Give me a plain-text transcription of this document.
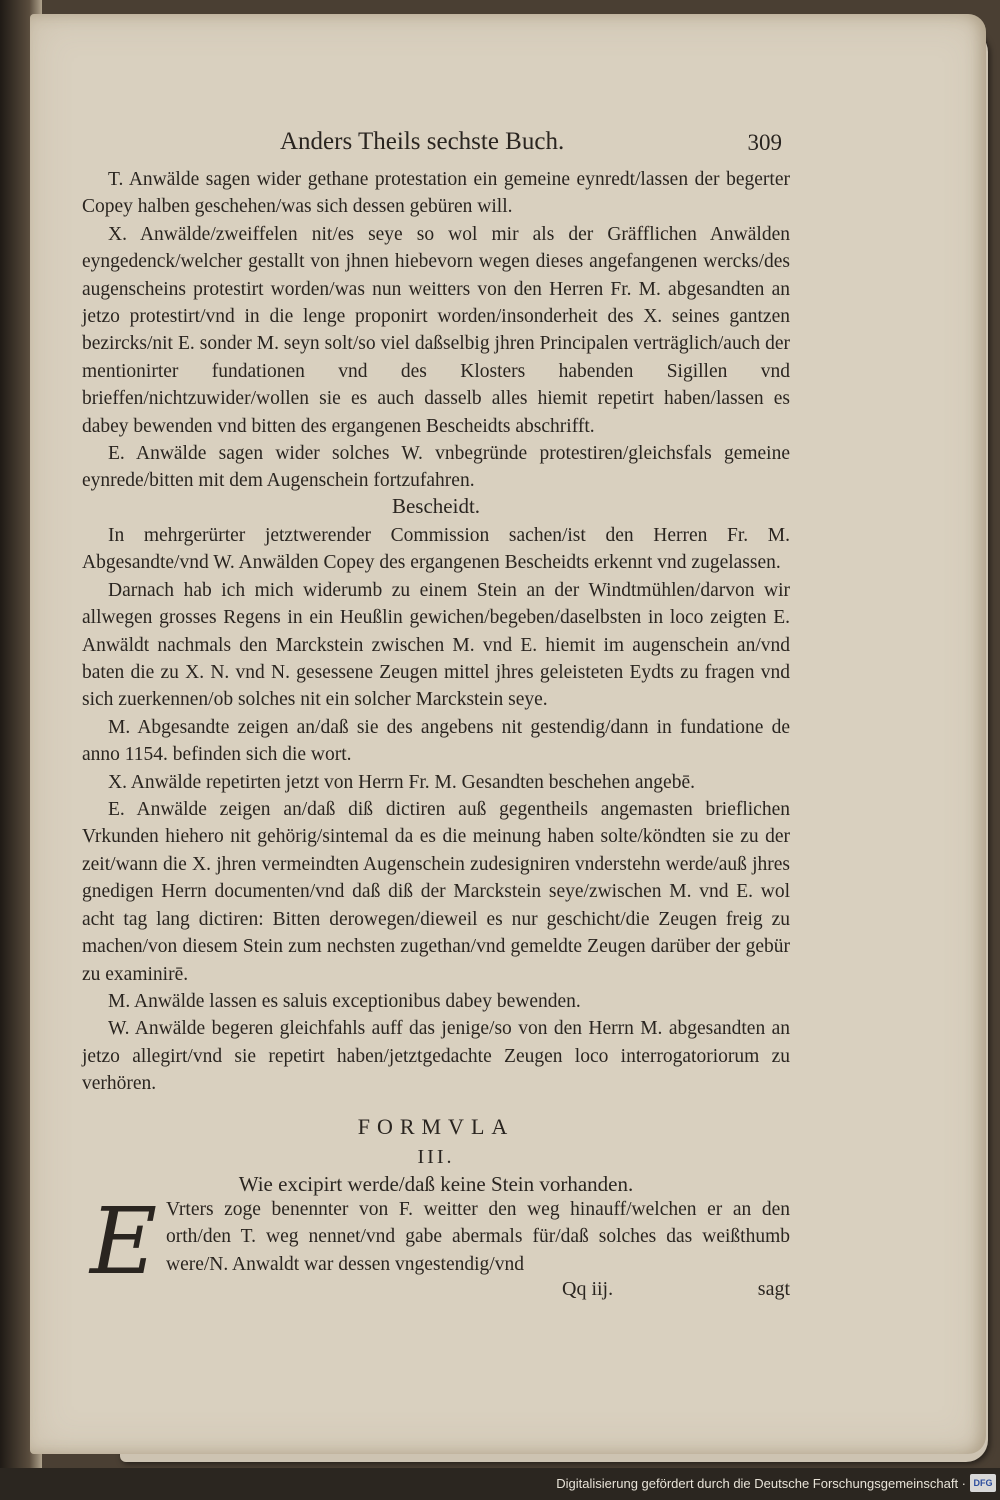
Anders Theils sechste Buch.	309

T. Anwälde sagen wider gethane protestation ein gemeine eynredt/lassen der begerter Copey halben geschehen/was sich dessen gebüren will.

X. Anwälde/zweiffelen nit/es seye so wol mir als der Gräfflichen Anwälden eyngedenck/welcher gestallt von jhnen hiebevorn wegen dieses angefangenen wercks/des augenscheins protestirt worden/was nun weitters von den Herren Fr. M. abgesandten an jetzo protestirt/vnd in die lenge proponirt worden/insonderheit des X. seines gantzen bezircks/nit E. sonder M. seyn solt/so viel daßselbig jhren Principalen verträglich/auch der mentionirter fundationen vnd des Klosters habenden Sigillen vnd brieffen/nichtzuwider/wollen sie es auch dasselb alles hiemit repetirt haben/lassen es dabey bewenden vnd bitten des ergangenen Bescheidts abschrifft.

E. Anwälde sagen wider solches W. vnbegründe protestiren/gleichsfals gemeine eynrede/bitten mit dem Augenschein fortzufahren.

Bescheidt.

In mehrgerürter jetztwerender Commission sachen/ist den Herren Fr. M. Abgesandte/vnd W. Anwälden Copey des ergangenen Bescheidts erkennt vnd zugelassen.

Darnach hab ich mich widerumb zu einem Stein an der Windtmühlen/darvon wir allwegen grosses Regens in ein Heußlin gewichen/begeben/daselbsten in loco zeigten E. Anwäldt nachmals den Marckstein zwischen M. vnd E. hiemit im augenschein an/vnd baten die zu X. N. vnd N. gesessene Zeugen mittel jhres geleisteten Eydts zu fragen vnd sich zuerkennen/ob solches nit ein solcher Marckstein seye.

M. Abgesandte zeigen an/daß sie des angebens nit gestendig/dann in fundatione de anno 1154. befinden sich die wort.

X. Anwälde repetirten jetzt von Herrn Fr. M. Gesandten beschehen angebē.

E. Anwälde zeigen an/daß diß dictiren auß gegentheils angemasten brieflichen Vrkunden hiehero nit gehörig/sintemal da es die meinung haben solte/köndten sie zu der zeit/wann die X. jhren vermeindten Augenschein zudesigniren vnderstehn werde/auß jhres gnedigen Herrn documenten/vnd daß diß der Marckstein seye/zwischen M. vnd E. wol acht tag lang dictiren: Bitten derowegen/dieweil es nur geschicht/die Zeugen freig zu machen/von diesem Stein zum nechsten zugethan/vnd gemeldte Zeugen darüber der gebür zu examinirē.

M. Anwälde lassen es saluis exceptionibus dabey bewenden.

W. Anwälde begeren gleichfahls auff das jenige/so von den Herrn M. abgesandten an jetzo allegirt/vnd sie repetirt haben/jetztgedachte Zeugen loco interrogatoriorum zu verhören.

FORMVLA
III.
Wie excipirt werde/daß keine Stein vorhanden.
E Vrters zoge benennter von F. weitter den weg hinauff/welchen er an den orth/den T. weg nennet/vnd gabe abermals für/daß solches das weißthumb were/N. Anwaldt war dessen vngestendig/vnd

Qq iij.	sagt
Digitalisierung gefördert durch die Deutsche Forschungsgemeinschaft · DFG
